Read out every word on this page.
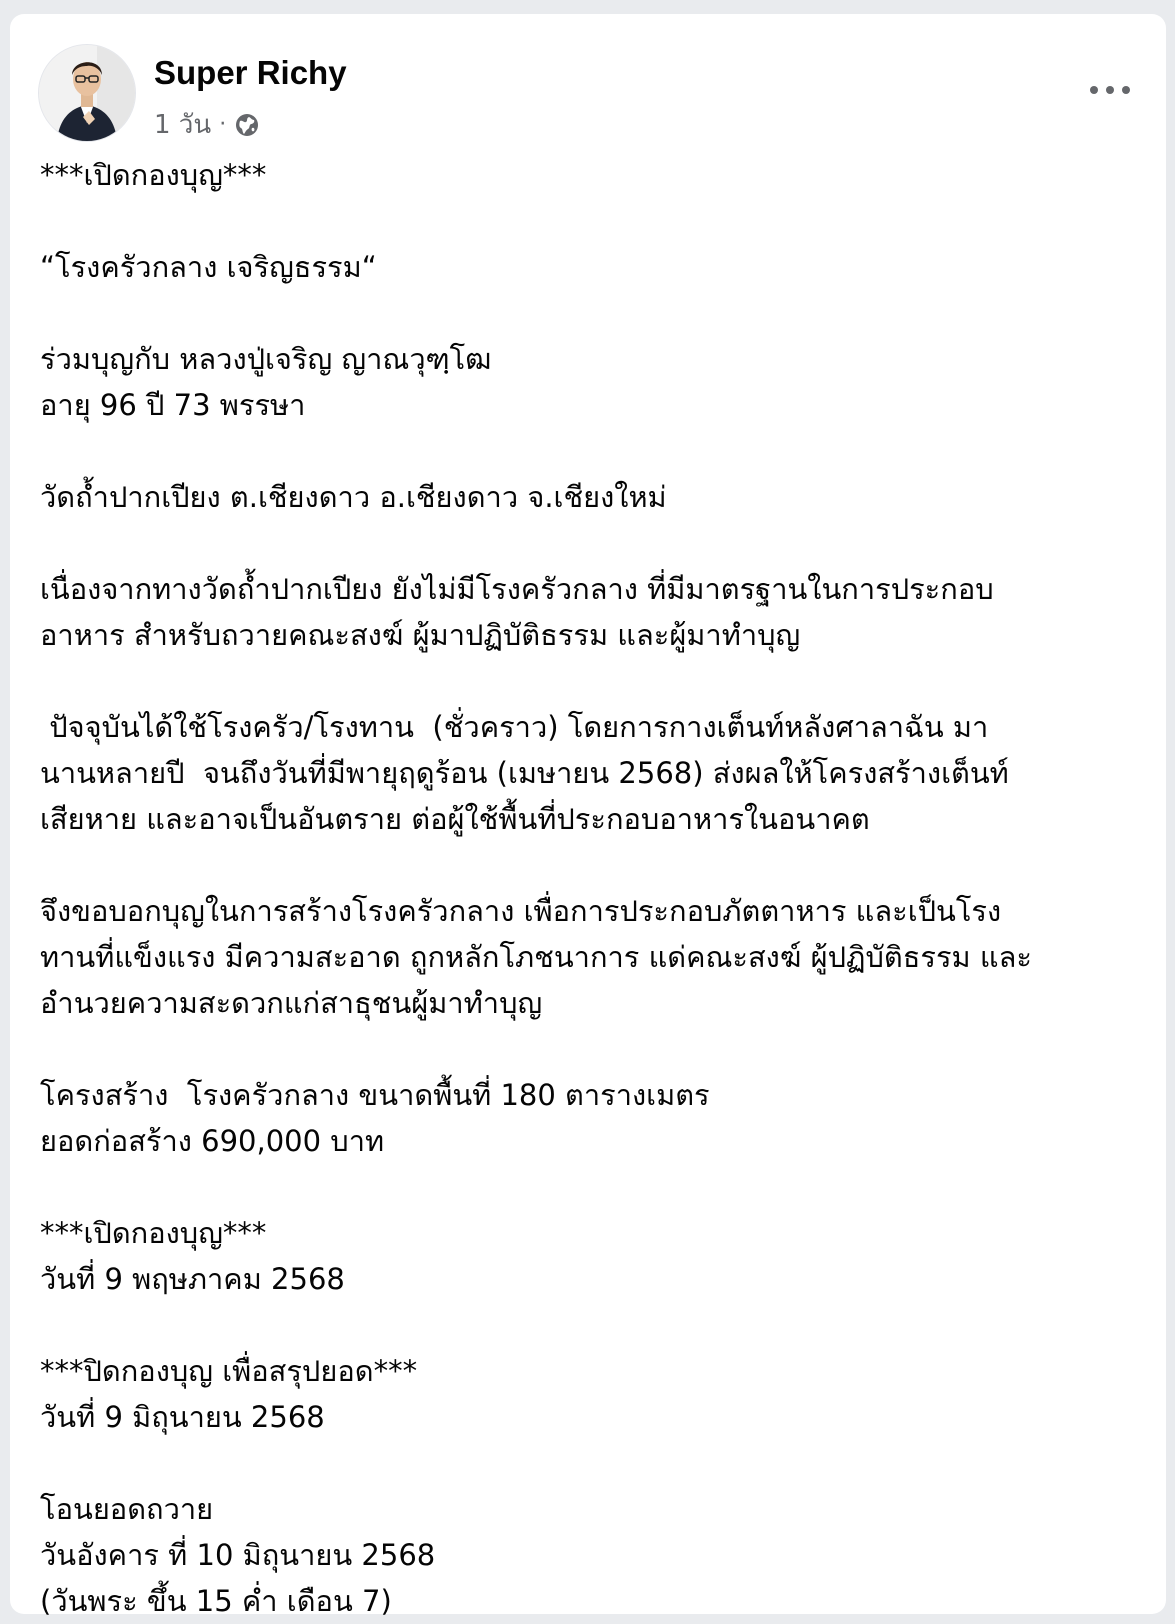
Super Richy
1 วัน ·
***เปิดกองบุญ***
“โรงครัวกลาง เจริญธรรม“
ร่วมบุญกับ หลวงปู่เจริญ ญาณวุฑฺโฒ
อายุ 96 ปี 73 พรรษา
วัดถ้ำปากเปียง ต.เชียงดาว อ.เชียงดาว จ.เชียงใหม่
เนื่องจากทางวัดถ้ำปากเปียง ยังไม่มีโรงครัวกลาง ที่มีมาตรฐานในการประกอบ
อาหาร สำหรับถวายคณะสงฆ์ ผู้มาปฏิบัติธรรม และผู้มาทำบุญ
ปัจจุบันได้ใช้โรงครัว/โรงทาน  (ชั่วคราว) โดยการกางเต็นท์หลังศาลาฉัน มา
นานหลายปี  จนถึงวันที่มีพายุฤดูร้อน (เมษายน 2568) ส่งผลให้โครงสร้างเต็นท์
เสียหาย และอาจเป็นอันตราย ต่อผู้ใช้พื้นที่ประกอบอาหารในอนาคต
จึงขอบอกบุญในการสร้างโรงครัวกลาง เพื่อการประกอบภัตตาหาร และเป็นโรง
ทานที่แข็งแรง มีความสะอาด ถูกหลักโภชนาการ แด่คณะสงฆ์ ผู้ปฏิบัติธรรม และ
อำนวยความสะดวกแก่สาธุชนผู้มาทำบุญ
โครงสร้าง  โรงครัวกลาง ขนาดพื้นที่ 180 ตารางเมตร
ยอดก่อสร้าง 690,000 บาท
***เปิดกองบุญ***
วันที่ 9 พฤษภาคม 2568
***ปิดกองบุญ เพื่อสรุปยอด***
วันที่ 9 มิถุนายน 2568
โอนยอดถวาย
วันอังคาร ที่ 10 มิถุนายน 2568
(วันพระ ขึ้น 15 ค่ำ เดือน 7)
